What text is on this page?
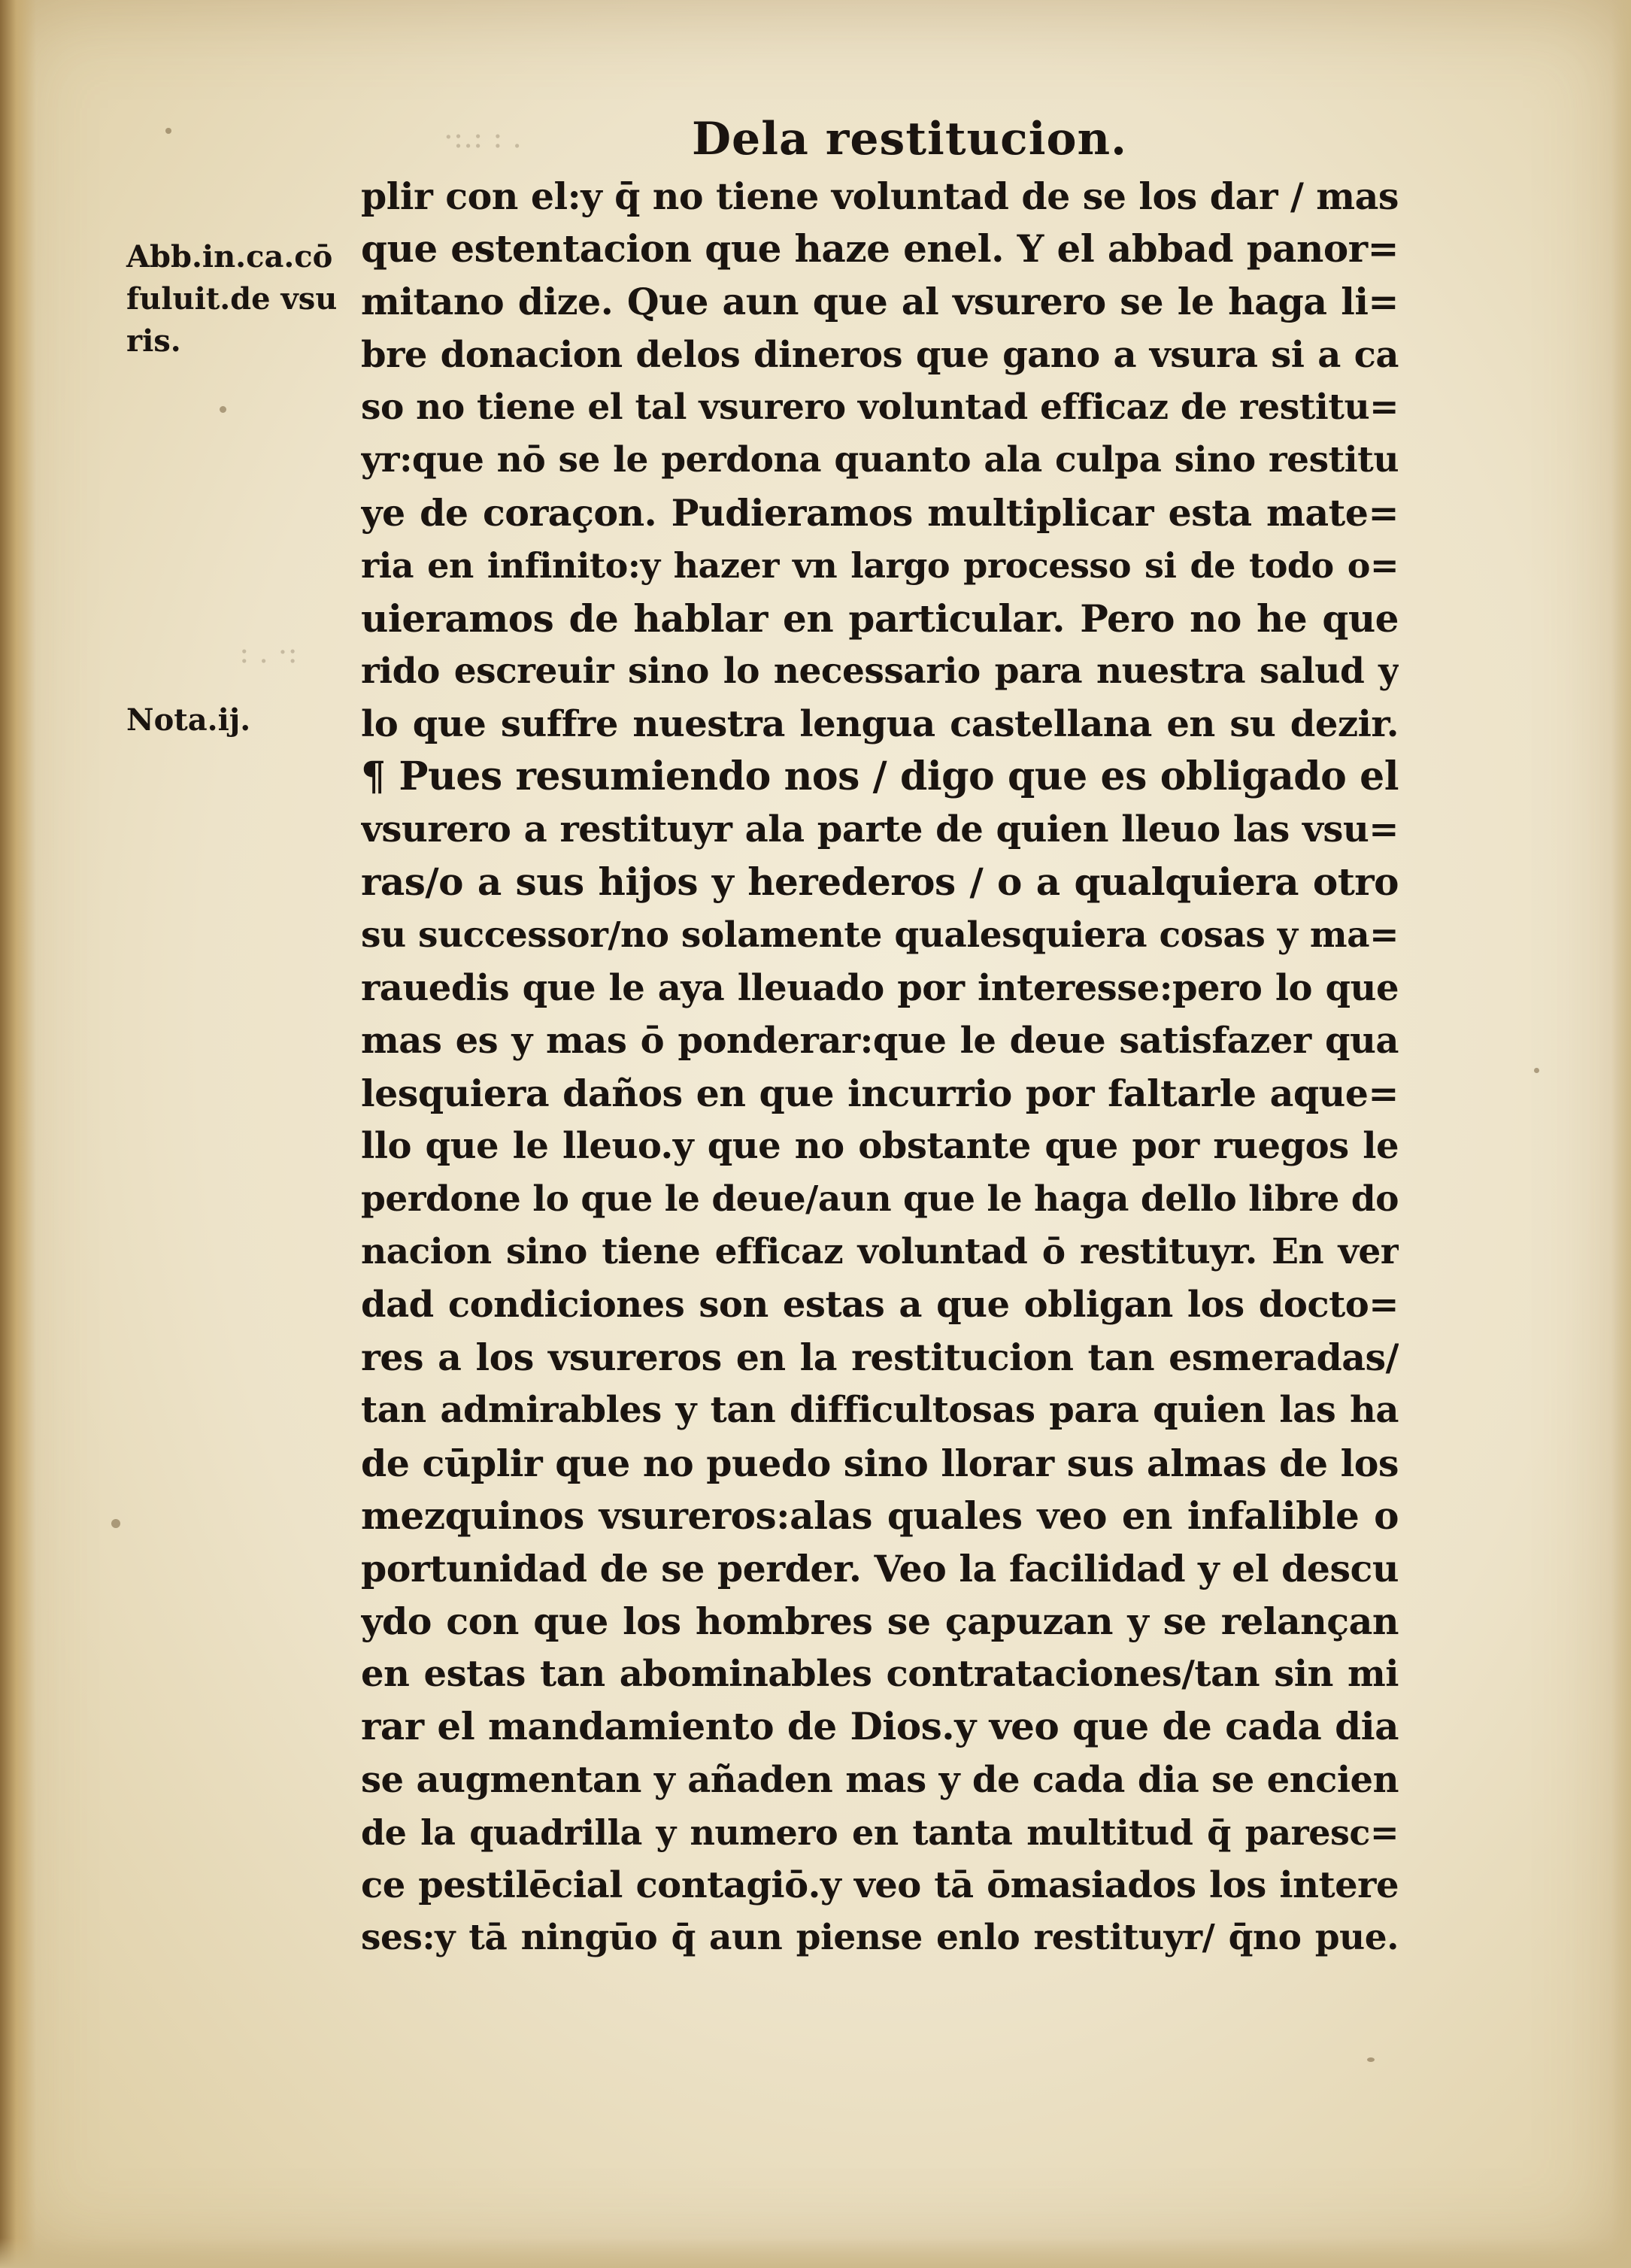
·:.: : .
: . ·:
Dela restitucion.
Abb.in.ca.cō
fuluit.de vsu
ris.
Nota.ij.
plir con el:y q̄ no tiene voluntad de se los dar / mas
que estentacion que haze enel. Y el abbad panor=
mitano dize. Que aun que al vsurero se le haga li=
bre donacion delos dineros que gano a vsura si a ca
so no tiene el tal vsurero voluntad efficaz de restitu=
yr:que nō se le perdona quanto ala culpa sino restitu
ye de coraçon. Pudieramos multiplicar esta mate=
ria en infinito:y hazer vn largo processo si de todo o=
uieramos de hablar en particular. Pero no he que
rido escreuir sino lo necessario para nuestra salud y
lo que suffre nuestra lengua castellana en su dezir.
¶ Pues resumiendo nos / digo que es obligado el
vsurero a restituyr ala parte de quien lleuo las vsu=
ras/o a sus hijos y herederos / o a qualquiera otro
su successor/no solamente qualesquiera cosas y ma=
rauedis que le aya lleuado por interesse:pero lo que
mas es y mas ō ponderar:que le deue satisfazer qua
lesquiera daños en que incurrio por faltarle aque=
llo que le lleuo.y que no obstante que por ruegos le
perdone lo que le deue/aun que le haga dello libre do
nacion sino tiene efficaz voluntad ō restituyr. En ver
dad condiciones son estas a que obligan los docto=
res a los vsureros en la restitucion tan esmeradas/
tan admirables y tan difficultosas para quien las ha
de cūplir que no puedo sino llorar sus almas de los
mezquinos vsureros:alas quales veo en infalible o
portunidad de se perder. Veo la facilidad y el descu
ydo con que los hombres se çapuzan y se relançan
en estas tan abominables contrataciones/tan sin mi
rar el mandamiento de Dios.y veo que de cada dia
se augmentan y añaden mas y de cada dia se encien
de la quadrilla y numero en tanta multitud q̄ paresc=
ce pestilēcial contagiō.y veo tā ōmasiados los intere
ses:y tā ningūo q̄ aun piense enlo restituyr/ q̄no pue.
